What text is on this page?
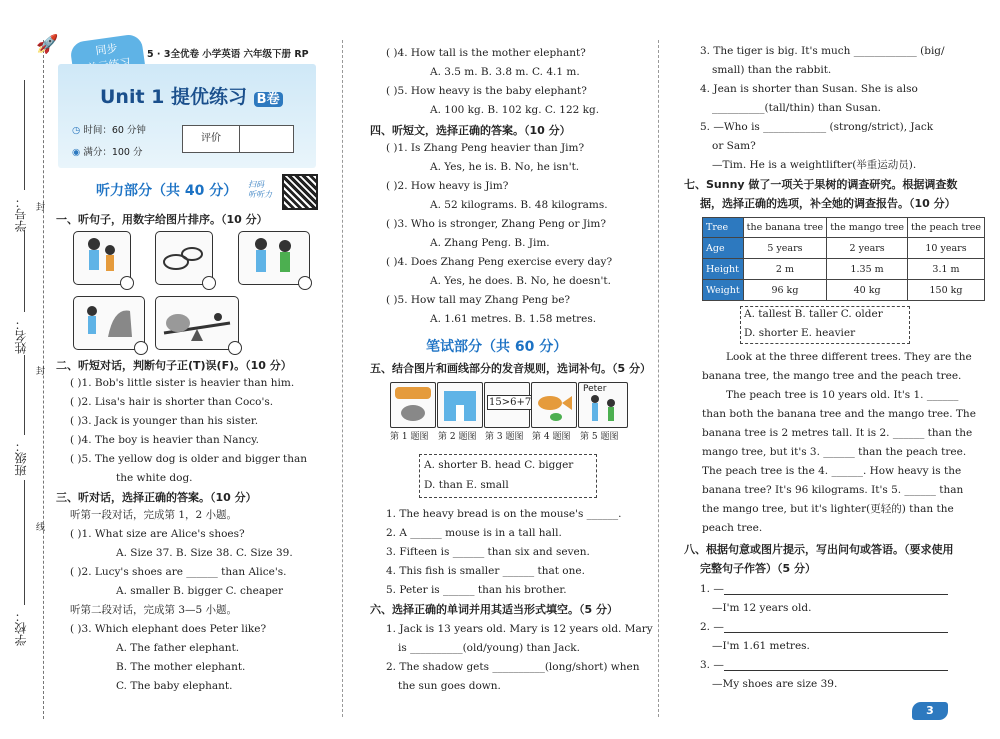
学号：
姓名：
班级：
学校：
封
封
线
🚀	5 · 3全优卷 小学英语 六年级下册 RP
同步
Unit 1 提优练习 B卷
◷ 时间：60 分钟
◉ 满分：100 分
评价
听力部分（共 40 分） 扫码
听听力
一、听句子，用数字给图片排序。（10 分）
二、听短对话，判断句子正(T)误(F)。（10 分）
( )1. Bob's little sister is heavier than him.
( )2. Lisa's hair is shorter than Coco's.
( )3. Jack is younger than his sister.
( )4. The boy is heavier than Nancy.
( )5. The yellow dog is older and bigger than
the white dog.
三、听对话，选择正确的答案。（10 分）
听第一段对话，完成第 1，2 小题。
( )1. What size are Alice's shoes?
A. Size 37. B. Size 38. C. Size 39.
( )2. Lucy's shoes are ______ than Alice's.
A. smaller B. bigger C. cheaper
听第二段对话，完成第 3—5 小题。
( )3. Which elephant does Peter like?
A. The father elephant.
B. The mother elephant.
C. The baby elephant.
( )4. How tall is the mother elephant?
A. 3.5 m. B. 3.8 m. C. 4.1 m.
( )5. How heavy is the baby elephant?
A. 100 kg. B. 102 kg. C. 122 kg.
四、听短文，选择正确的答案。（10 分）
( )1. Is Zhang Peng heavier than Jim?
A. Yes, he is. B. No, he isn't.
( )2. How heavy is Jim?
A. 52 kilograms. B. 48 kilograms.
( )3. Who is stronger, Zhang Peng or Jim?
A. Zhang Peng. B. Jim.
( )4. Does Zhang Peng exercise every day?
A. Yes, he does. B. No, he doesn't.
( )5. How tall may Zhang Peng be?
A. 1.61 metres. B. 1.58 metres.
笔试部分（共 60 分）
五、结合图片和画线部分的发音规则，选词补句。（5 分）
15>6+7
Peter
第 1 题图 第 2 题图 第 3 题图 第 4 题图 第 5 题图
A. shorter B. head C. bigger
D. than E. small
1. The heavy bread is on the mouse's ______.
2. A ______ mouse is in a tall hall.
3. Fifteen is ______ than six and seven.
4. This fish is smaller ______ that one.
5. Peter is ______ than his brother.
六、选择正确的单词并用其适当形式填空。（5 分）
1. Jack is 13 years old. Mary is 12 years old. Mary
is __________(old/young) than Jack.
2. The shadow gets __________(long/short) when
the sun goes down.
3. The tiger is big. It's much ____________ (big/
small) than the rabbit.
4. Jean is shorter than Susan. She is also
__________(tall/thin) than Susan.
5. —Who is ____________ (strong/strict), Jack
or Sam?
—Tim. He is a weightlifter(举重运动员).
七、Sunny 做了一项关于果树的调查研究。根据调查数
据，选择正确的选项，补全她的调查报告。（10 分）
Tree	the banana tree	the mango tree	the peach tree
Age	5 years	2 years	10 years
Height	2 m	1.35 m	3.1 m
Weight	96 kg	40 kg	150 kg
A. tallest B. taller C. older
D. shorter E. heavier
Look at the three different trees. They are the
banana tree, the mango tree and the peach tree.
The peach tree is 10 years old. It's 1. ______
than both the banana tree and the mango tree. The
banana tree is 2 metres tall. It is 2. ______ than the
mango tree, but it's 3. ______ than the peach tree.
The peach tree is the 4. ______. How heavy is the
banana tree? It's 96 kilograms. It's 5. ______ than
the mango tree, but it's lighter(更轻的) than the
peach tree.
八、根据句意或图片提示，写出问句或答语。（要求使用
完整句子作答）（5 分）
1. —
—I'm 12 years old.
2. —
—I'm 1.61 metres.
3. —
—My shoes are size 39.
3
